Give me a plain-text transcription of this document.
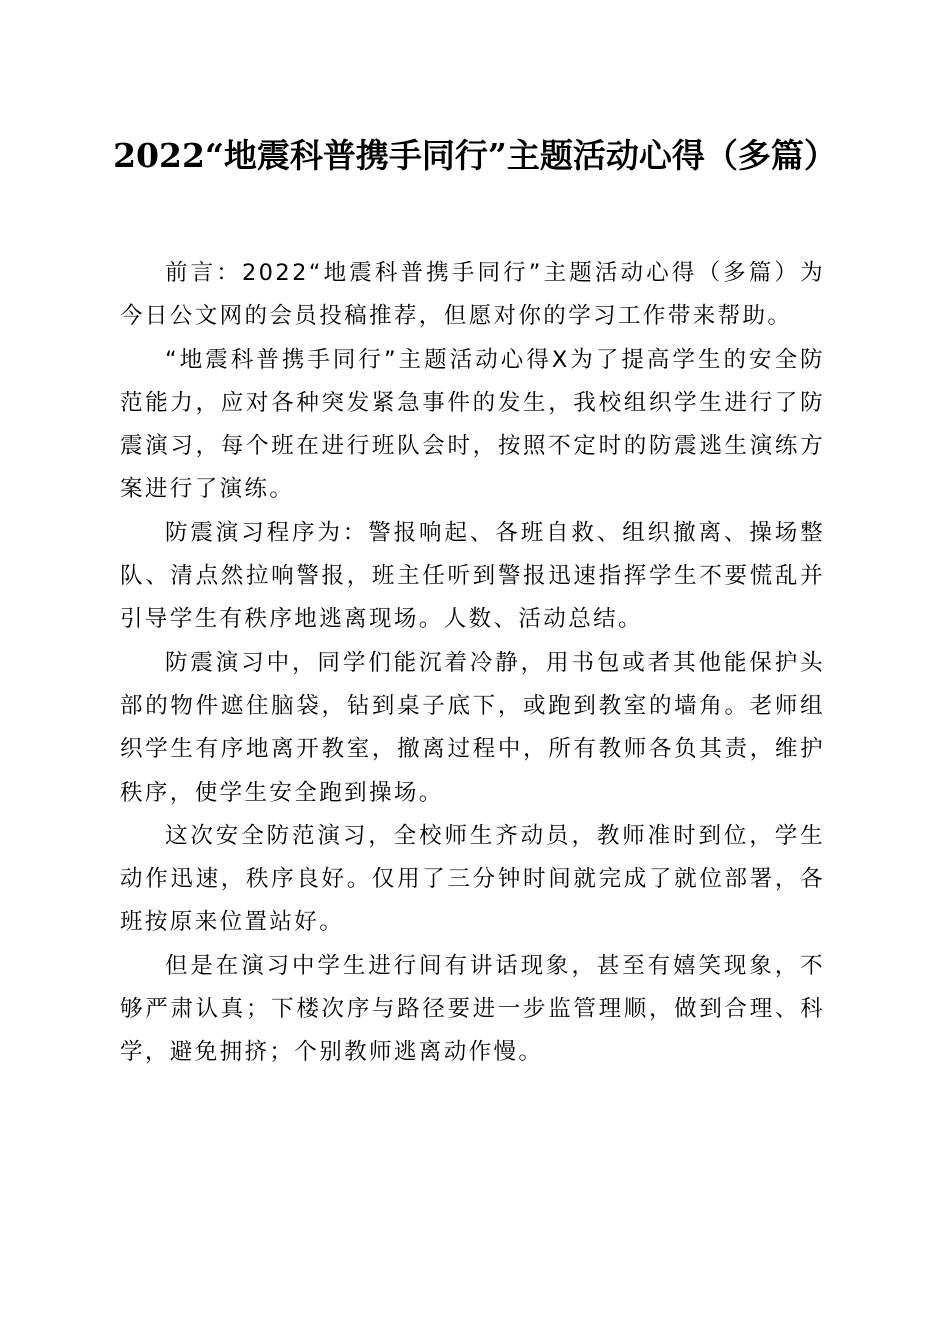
2022“地震科普携手同行”主题活动心得（多篇）

前言：2022“地震科普携手同行”主题活动心得（多篇）为今日公文网的会员投稿推荐，但愿对你的学习工作带来帮助。

“地震科普携手同行”主题活动心得X为了提高学生的安全防范能力，应对各种突发紧急事件的发生，我校组织学生进行了防震演习，每个班在进行班队会时，按照不定时的防震逃生演练方案进行了演练。

防震演习程序为：警报响起、各班自救、组织撤离、操场整队、清点然拉响警报，班主任听到警报迅速指挥学生不要慌乱并引导学生有秩序地逃离现场。人数、活动总结。

防震演习中，同学们能沉着冷静，用书包或者其他能保护头部的物件遮住脑袋，钻到桌子底下，或跑到教室的墙角。老师组织学生有序地离开教室，撤离过程中，所有教师各负其责，维护秩序，使学生安全跑到操场。

这次安全防范演习，全校师生齐动员，教师准时到位，学生动作迅速，秩序良好。仅用了三分钟时间就完成了就位部署，各班按原来位置站好。

但是在演习中学生进行间有讲话现象，甚至有嬉笑现象，不够严肃认真；下楼次序与路径要进一步监管理顺，做到合理、科学，避免拥挤；个别教师逃离动作慢。
